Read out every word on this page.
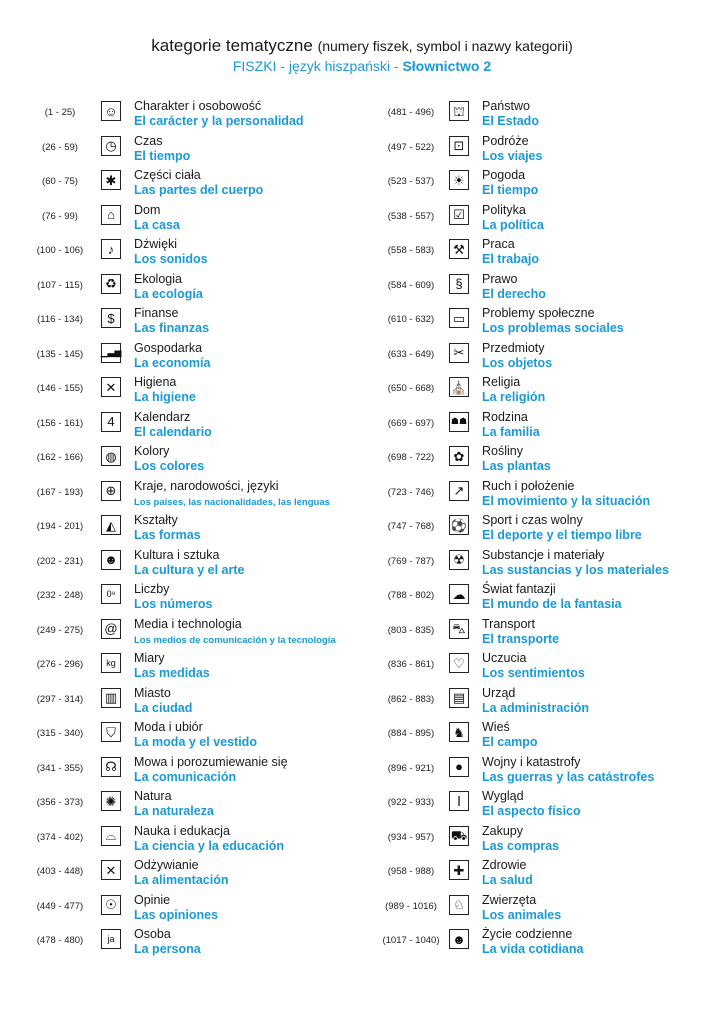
kategorie tematyczne (numery fiszek, symbol i nazwy kategorii)
FISZKI - język hiszpański - Słownictwo 2
(1 - 25)	☺ Charakter i osobowość
El carácter y la personalidad
(26 - 59)	◷	Czas
El tiempo
(60 - 75)	✱	Części ciała
Las partes del cuerpo
(76 - 99)	⌂	Dom
La casa
(100 - 106)	♪	Dźwięki
Los sonidos
(107 - 115)	♻	Ekologia
La ecología
(116 - 134)	$	Finanse
Las finanzas
(135 - 145)	▁▃▅ Gospodarka
La economía
(146 - 155)	✕	Higiena
La higiene
(156 - 161)	4	Kalendarz
El calendario
(162 - 166)	◍	Kolory
Los colores
(167 - 193)	⊕	Kraje, narodowości, języki
Los países, las nacionalidades, las lenguas
(194 - 201)	◭	Kształty
Las formas
(202 - 231)	☻ Kultura i sztuka
La cultura y el arte
(232 - 248)	0⁹	Liczby
Los números
(249 - 275)	@ Media i technologia
Los medios de comunicación y la tecnología
(276 - 296)	kg	Miary
Las medidas
(297 - 314)	▥	Miasto
La ciudad
(315 - 340)	⛉	Moda i ubiór
La moda y el vestido
(341 - 355)	☊	Mowa i porozumiewanie się
La comunicación
(356 - 373)	✺	Natura
La naturaleza
(374 - 402)	⌓	Nauka i edukacja
La ciencia y la educación
(403 - 448)	✕	Odżywianie
La alimentación
(449 - 477)	☉	Opinie
Las opiniones
(478 - 480)	ja	Osoba
La persona
(481 - 496)	⛫	Państwo
El Estado
(497 - 522)	⊡	Podróże
Los viajes
(523 - 537)	☀	Pogoda
El tiempo
(538 - 557)	☑	Polityka
La política
(558 - 583)	⚒	Praca
El trabajo
(584 - 609)	§	Prawo
El derecho
(610 - 632)	▭	Problemy społeczne
Los problemas sociales
(633 - 649)	✂	Przedmioty
Los objetos
(650 - 668)	⛪ Religia
La religión
(669 - 697)	☗☗ Rodzina
La familia
(698 - 722)	✿	Rośliny
Las plantas
(723 - 746)	↗	Ruch i położenie
El movimiento y la situación
(747 - 768)	⚽ Sport i czas wolny
El deporte y el tiempo libre
(769 - 787)	☢	Substancje i materiały
Las sustancias y los materiales
(788 - 802)	☁ Świat fantazji
El mundo de la fantasia
(803 - 835)	⛍ Transport
El transporte
(836 - 861)	♡	Uczucia
Los sentimientos
(862 - 883)	▤	Urząd
La administración
(884 - 895)	♞	Wieś
El campo
(896 - 921)	●	Wojny i katastrofy
Las guerras y las catástrofes
(922 - 933)	Ⅰ	Wygląd
El aspecto físico
(934 - 957)	⛟ Zakupy
Las compras
(958 - 988)	✚	Zdrowie
La salud
(989 - 1016)	♘	Zwierzęta
Los animales
(1017 - 1040) ☻ Życie codzienne
La vida cotidiana
